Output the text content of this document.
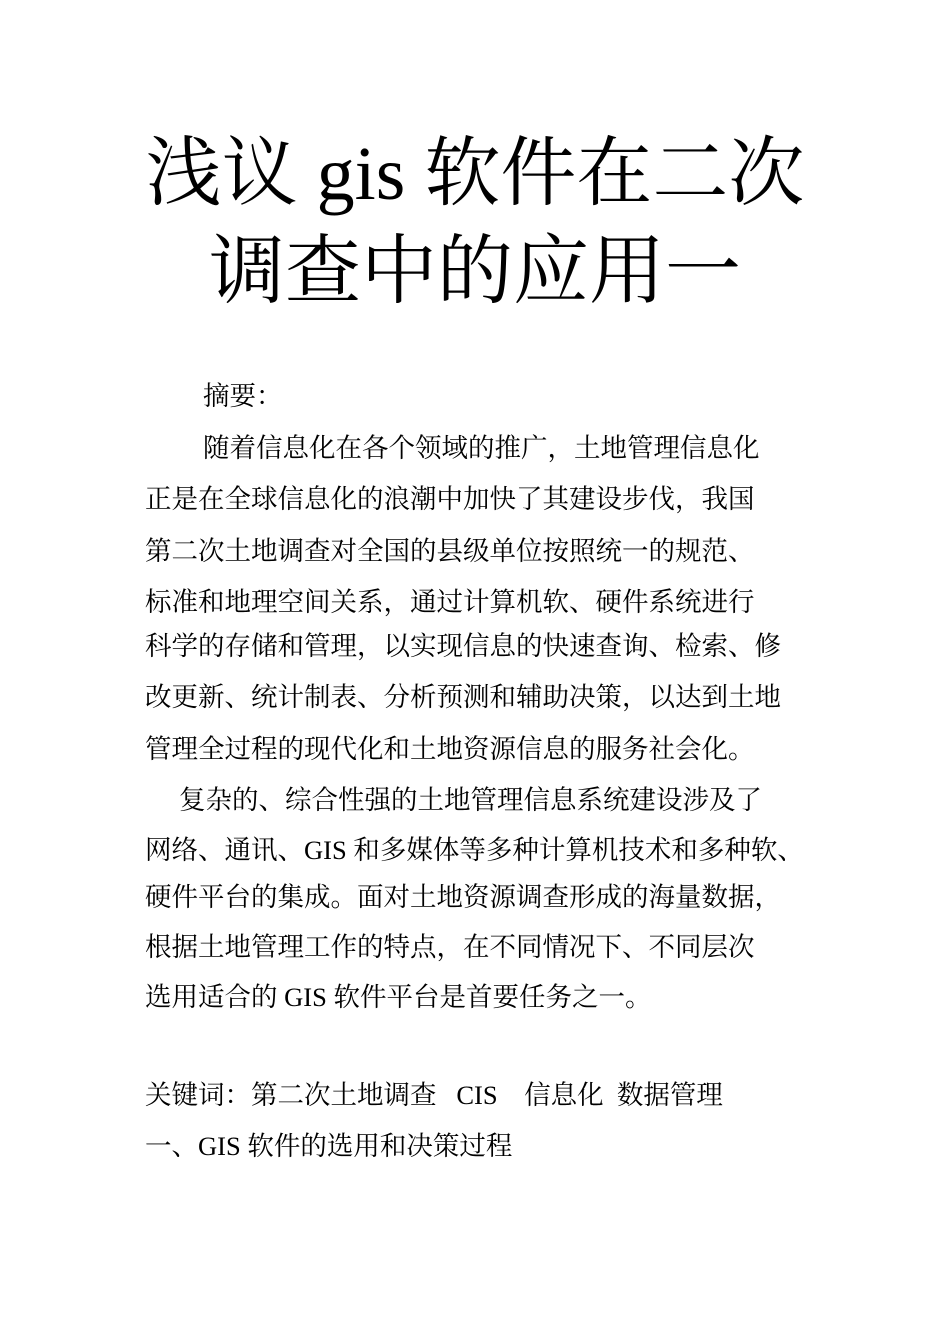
浅议 gis 软件在二次
调查中的应用一

摘要：

随着信息化在各个领域的推广，土地管理信息化

正是在全球信息化的浪潮中加快了其建设步伐，我国

第二次土地调查对全国的县级单位按照统一的规范、

标准和地理空间关系，通过计算机软、硬件系统进行

科学的存储和管理，以实现信息的快速查询、检索、修

改更新、统计制表、分析预测和辅助决策，以达到土地

管理全过程的现代化和土地资源信息的服务社会化。

复杂的、综合性强的土地管理信息系统建设涉及了

网络、通讯、GIS 和多媒体等多种计算机技术和多种软、

硬件平台的集成。面对土地资源调查形成的海量数据，

根据土地管理工作的特点，在不同情况下、不同层次

选用适合的 GIS 软件平台是首要任务之一。

关键词：第二次土地调查   CIS    信息化  数据管理

一、GIS 软件的选用和决策过程
